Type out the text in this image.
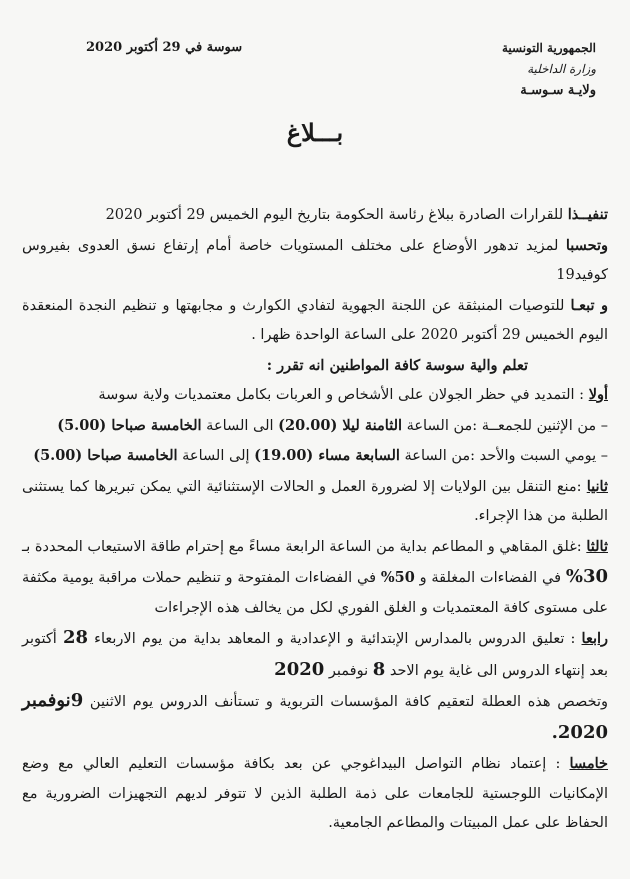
سوسة في 29 أكتوبر 2020	الجمهورية التونسية
وزارة الداخلية
ولايـة سـوسـة
بـــلاغ

تنفيــذا للقرارات الصادرة ببلاغ رئاسة الحكومة بتاريخ اليوم الخميس 29 أكتوبر 2020

وتحسبا لمزيد تدهور الأوضاع على مختلف المستويات خاصة أمام إرتفاع نسق العدوى بفيروس كوفيد19

و تبعـا للتوصيات المنبثقة عن اللجنة الجهوية لتفادي الكوارث و مجابهتها و تنظيم النجدة المنعقدة اليوم الخميس 29 أكتوبر 2020 على الساعة الواحدة ظهرا .

تعلم والية سوسة كافة المواطنين انه تقرر :

أولا : التمديد في حظر الجولان على الأشخاص و العربات بكامل معتمديات ولاية سوسة

– من الإثنين للجمعــة :من الساعة الثامنة ليلا (20.00) الى الساعة الخامسة صباحا (5.00)

– يومي السبت والأحد :من الساعة السابعة مساء (19.00) إلى الساعة الخامسة صباحا (5.00)

ثانيا :منع التنقل بين الولايات إلا لضرورة العمل و الحالات الإستثنائية التي يمكن تبريرها كما يستثنى الطلبة من هذا الإجراء.

ثالثا :غلق المقاهي و المطاعم بداية من الساعة الرابعة مساءً مع إحترام طاقة الاستيعاب المحددة بـ 30% في الفضاءات المغلقة و 50% في الفضاءات المفتوحة و تنظيم حملات مراقبة يومية مكثفة على مستوى كافة المعتمديات و الغلق الفوري لكل من يخالف هذه الإجراءات

رابعا : تعليق الدروس بالمدارس الإبتدائية و الإعدادية و المعاهد بداية من يوم الاربعاء 28 أكتوبر بعد إنتهاء الدروس الى غاية يوم الاحد 8 نوفمبر 2020

وتخصص هذه العطلة لتعقيم كافة المؤسسات التربوية و تستأنف الدروس يوم الاثنين 9نوفمبر 2020.

خامسا : إعتماد نظام التواصل البيداغوجي عن بعد بكافة مؤسسات التعليم العالي مع وضع الإمكانيات اللوجستية للجامعات على ذمة الطلبة الذين لا تتوفر لديهم التجهيزات الضرورية مع الحفاظ على عمل المبيتات والمطاعم الجامعية.
